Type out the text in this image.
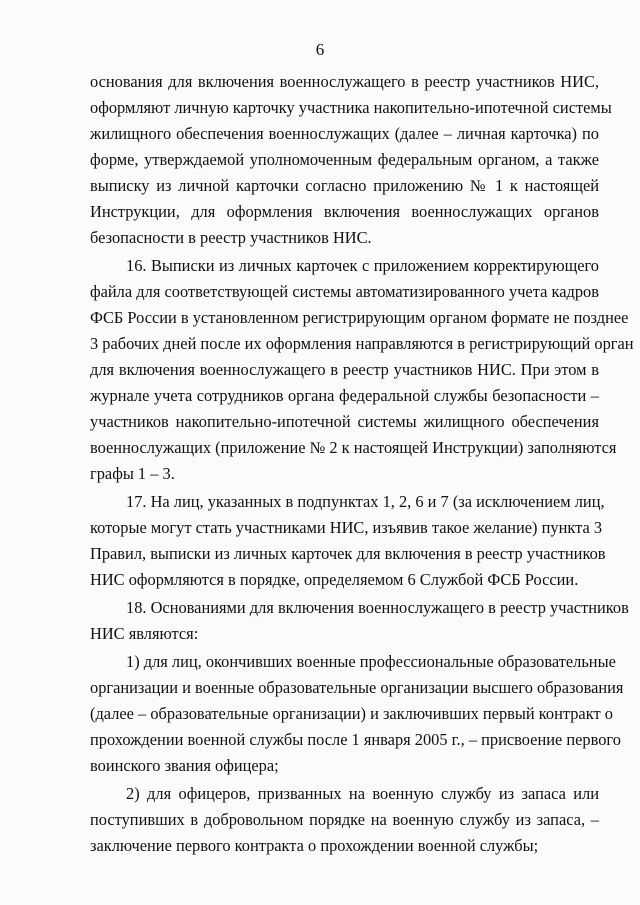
6
основания для включения военнослужащего в реестр участников НИС,
оформляют личную карточку участника накопительно-ипотечной системы
жилищного обеспечения военнослужащих (далее – личная карточка) по
форме, утверждаемой уполномоченным федеральным органом, а также
выписку из личной карточки согласно приложению № 1 к настоящей
Инструкции, для оформления включения военнослужащих органов
безопасности в реестр участников НИС.
16. Выписки из личных карточек с приложением корректирующего
файла для соответствующей системы автоматизированного учета кадров
ФСБ России в установленном регистрирующим органом формате не позднее
3 рабочих дней после их оформления направляются в регистрирующий орган
для включения военнослужащего в реестр участников НИС. При этом в
журнале учета сотрудников органа федеральной службы безопасности –
участников накопительно-ипотечной системы жилищного обеспечения
военнослужащих (приложение № 2 к настоящей Инструкции) заполняются
графы 1 – 3.
17. На лиц, указанных в подпунктах 1, 2, 6 и 7 (за исключением лиц,
которые могут стать участниками НИС, изъявив такое желание) пункта 3
Правил, выписки из личных карточек для включения в реестр участников
НИС оформляются в порядке, определяемом 6 Службой ФСБ России.
18. Основаниями для включения военнослужащего в реестр участников
НИС являются:
1) для лиц, окончивших военные профессиональные образовательные
организации и военные образовательные организации высшего образования
(далее – образовательные организации) и заключивших первый контракт о
прохождении военной службы после 1 января 2005 г., – присвоение первого
воинского звания офицера;
2) для офицеров, призванных на военную службу из запаса или
поступивших в добровольном порядке на военную службу из запаса, –
заключение первого контракта о прохождении военной службы;
